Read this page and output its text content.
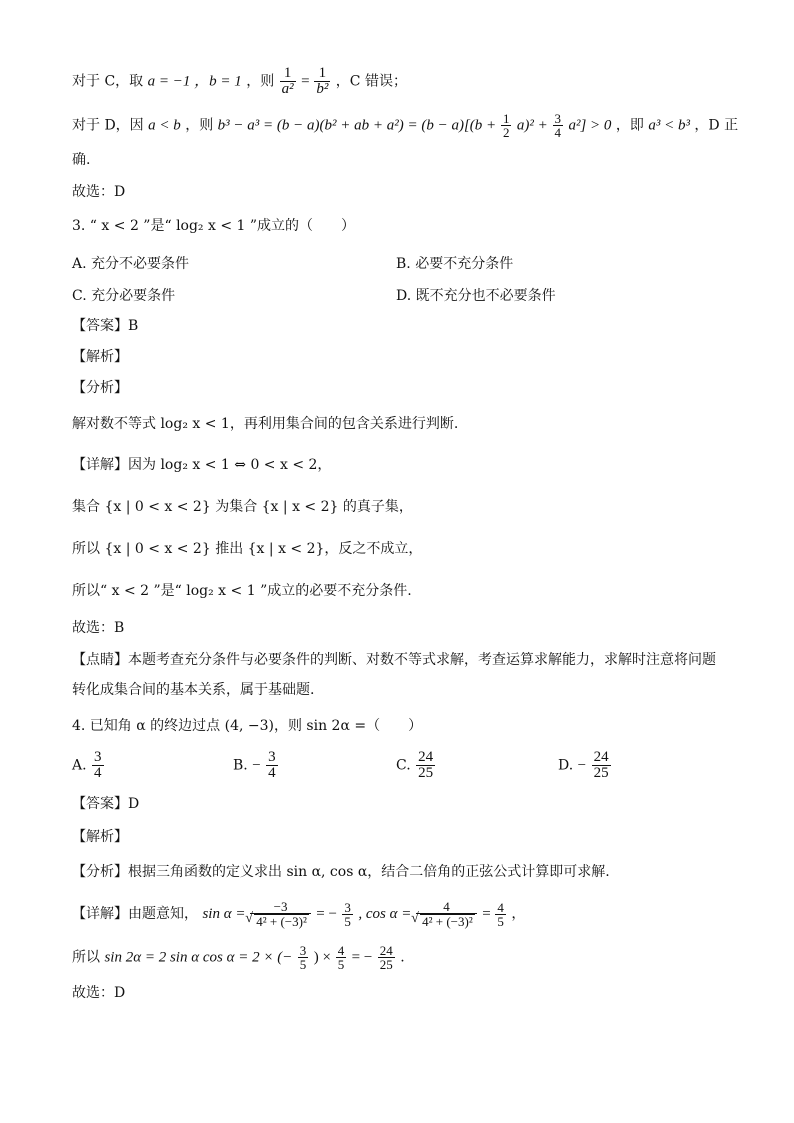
对于 C，取 a = −1 ，b = 1 ，则 $\frac{1}{\text{a²}} = \frac{1}{\text{b²}}$ ，C 错误；
对于 D，因 a < b ，则 b³ − a³ = (b − a)(b² + ab + $a^2) = (b - a)[(b + \frac{1}{2} a)^2 + \frac{3}{4} a^2] > 0$ ，即 a³ < b³ ，D 正
确.
故选：D
3. “ x < 2 ”是“ log₂ x < 1 ”成立的（　　）
A. 充分不必要条件	B. 必要不充分条件
C. 充分必要条件	D. 既不充分也不必要条件
【答案】B
【解析】
【分析】
解对数不等式 log₂ x < 1，再利用集合间的包含关系进行判断.
【详解】因为 log₂ x < 1 ⇔ 0 < x < 2，
集合 {x | 0 < x < 2} 为集合 {x | x < 2} 的真子集，
所以 {x | 0 < x < 2} 推出 {x | x < 2}，反之不成立，
所以“ x < 2 ”是“ log₂ x < 1 ”成立的必要不充分条件.
故选：B
【点睛】本题考查充分条件与必要条件的判断、对数不等式求解，考查运算求解能力，求解时注意将问题
转化成集合间的基本关系，属于基础题.
4. 已知角 α 的终边过点 (4, −3)，则 sin 2α =（　　）
A. $\frac{3}{4}$	B. − $\frac{3}{4}$	C. $\frac{24}{25}$	D. − $\frac{24}{25}$
【答案】D
【解析】
【分析】根据三角函数的定义求出 sin α, cos α，结合二倍角的正弦公式计算即可求解.
【详解】由题意知， sin α = −3
√ 4² + (−3)² = − $\frac{3}{5}$ , cos α = 4
√ $4^2 + (-3)^2 = \frac{4}{5}$ ，
所以 sin 2α = 2 sin α cos α = 2 × (− $\frac{3}{5}$ ) × $\frac{4}{5}$ = − $\frac{24}{25}$ .
故选：D
